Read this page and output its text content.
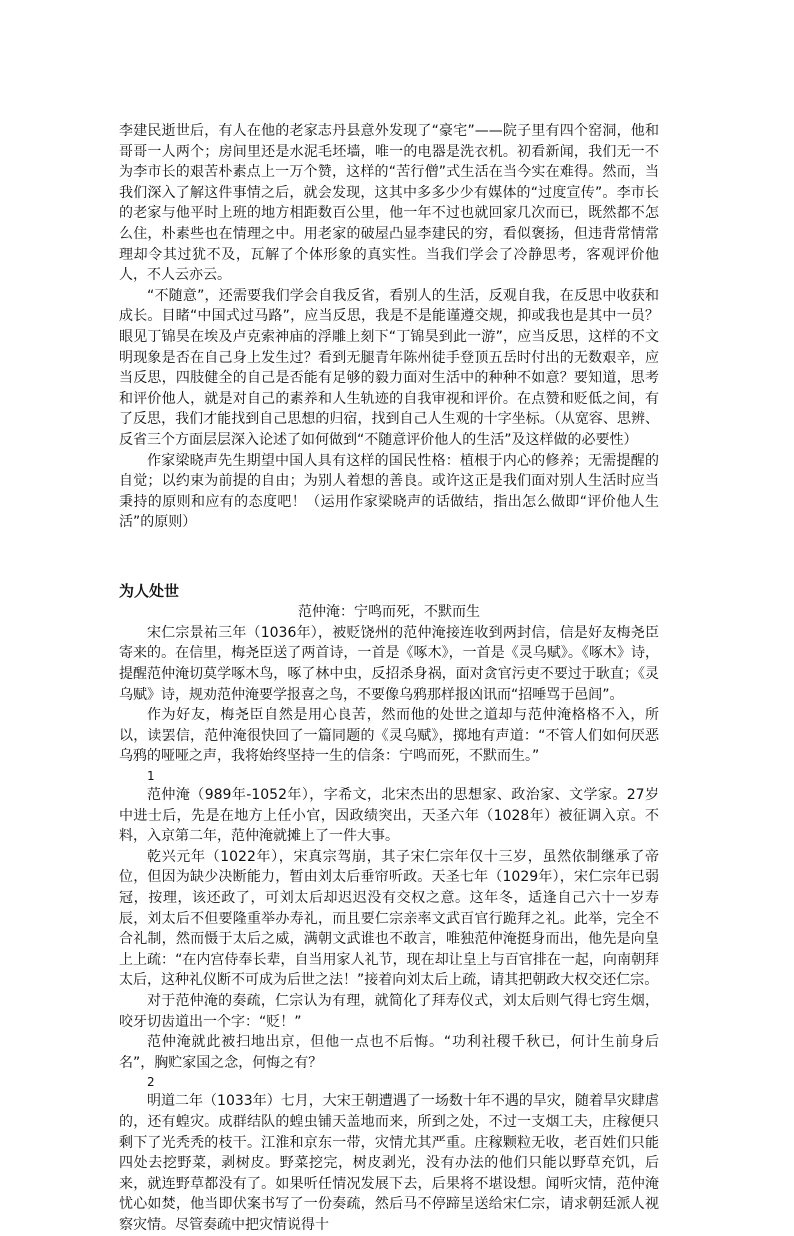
李建民逝世后，有人在他的老家志丹县意外发现了“豪宅”——院子里有四个窑洞，他和哥哥一人两个；房间里还是水泥毛坯墙，唯一的电器是洗衣机。初看新闻，我们无一不为李市长的艰苦朴素点上一万个赞，这样的“苦行僧”式生活在当今实在难得。然而，当我们深入了解这件事情之后，就会发现，这其中多多少少有媒体的“过度宣传”。李市长的老家与他平时上班的地方相距数百公里，他一年不过也就回家几次而已，既然都不怎么住，朴素些也在情理之中。用老家的破屋凸显李建民的穷，看似褒扬，但违背常情常理却令其过犹不及，瓦解了个体形象的真实性。当我们学会了冷静思考，客观评价他人，不人云亦云。

“不随意”，还需要我们学会自我反省，看别人的生活，反观自我，在反思中收获和成长。目睹“中国式过马路”，应当反思，我是不是能谨遵交规，抑或我也是其中一员？眼见丁锦昊在埃及卢克索神庙的浮雕上刻下“丁锦昊到此一游”，应当反思，这样的不文明现象是否在自己身上发生过？看到无腿青年陈州徒手登顶五岳时付出的无数艰辛，应当反思，四肢健全的自己是否能有足够的毅力面对生活中的种种不如意？要知道，思考和评价他人，就是对自己的素养和人生轨迹的自我审视和评价。在点赞和贬低之间，有了反思，我们才能找到自己思想的归宿，找到自己人生观的十字坐标。（从宽容、思辨、反省三个方面层层深入论述了如何做到“不随意评价他人的生活”及这样做的必要性）

作家梁晓声先生期望中国人具有这样的国民性格：植根于内心的修养；无需提醒的自觉；以约束为前提的自由；为别人着想的善良。或许这正是我们面对别人生活时应当秉持的原则和应有的态度吧！（运用作家梁晓声的话做结，指出怎么做即“评价他人生活”的原则）

为人处世

范仲淹：宁鸣而死，不默而生

宋仁宗景祐三年（1036年），被贬饶州的范仲淹接连收到两封信，信是好友梅尧臣寄来的。在信里，梅尧臣送了两首诗，一首是《啄木》，一首是《灵乌赋》。《啄木》诗，提醒范仲淹切莫学啄木鸟，啄了林中虫，反招杀身祸，面对贪官污吏不要过于耿直；《灵乌赋》诗，规劝范仲淹要学报喜之鸟，不要像乌鸦那样报凶讯而“招唾骂于邑闾”。

作为好友，梅尧臣自然是用心良苦，然而他的处世之道却与范仲淹格格不入，所以，读罢信，范仲淹很快回了一篇同题的《灵乌赋》，掷地有声道：“不管人们如何厌恶乌鸦的哑哑之声，我将始终坚持一生的信条：宁鸣而死，不默而生。”

1

范仲淹（989年-1052年），字希文，北宋杰出的思想家、政治家、文学家。27岁中进士后，先是在地方上任小官，因政绩突出，天圣六年（1028年）被征调入京。不料，入京第二年，范仲淹就摊上了一件大事。

乾兴元年（1022年），宋真宗驾崩，其子宋仁宗年仅十三岁，虽然依制继承了帝位，但因为缺少决断能力，暂由刘太后垂帘听政。天圣七年（1029年），宋仁宗年已弱冠，按理，该还政了，可刘太后却迟迟没有交权之意。这年冬，适逢自己六十一岁寿辰，刘太后不但要隆重举办寿礼，而且要仁宗亲率文武百官行跪拜之礼。此举，完全不合礼制，然而慑于太后之威，满朝文武谁也不敢言，唯独范仲淹挺身而出，他先是向皇上上疏：“在内宫侍奉长辈，自当用家人礼节，现在却让皇上与百官排在一起，向南朝拜太后，这种礼仪断不可成为后世之法！”接着向刘太后上疏，请其把朝政大权交还仁宗。

对于范仲淹的奏疏，仁宗认为有理，就简化了拜寿仪式，刘太后则气得七窍生烟，咬牙切齿道出一个字：“贬！”

范仲淹就此被扫地出京，但他一点也不后悔。“功利社稷千秋已，何计生前身后名”，胸贮家国之念，何悔之有？

2

明道二年（1033年）七月，大宋王朝遭遇了一场数十年不遇的旱灾，随着旱灾肆虐的，还有蝗灾。成群结队的蝗虫铺天盖地而来，所到之处，不过一支烟工夫，庄稼便只剩下了光秃秃的枝干。江淮和京东一带，灾情尤其严重。庄稼颗粒无收，老百姓们只能四处去挖野菜，剥树皮。野菜挖完，树皮剥光，没有办法的他们只能以野草充饥，后来，就连野草都没有了。如果听任情况发展下去，后果将不堪设想。闻听灾情，范仲淹忧心如焚，他当即伏案书写了一份奏疏，然后马不停蹄呈送给宋仁宗，请求朝廷派人视察灾情。尽管奏疏中把灾情说得十
